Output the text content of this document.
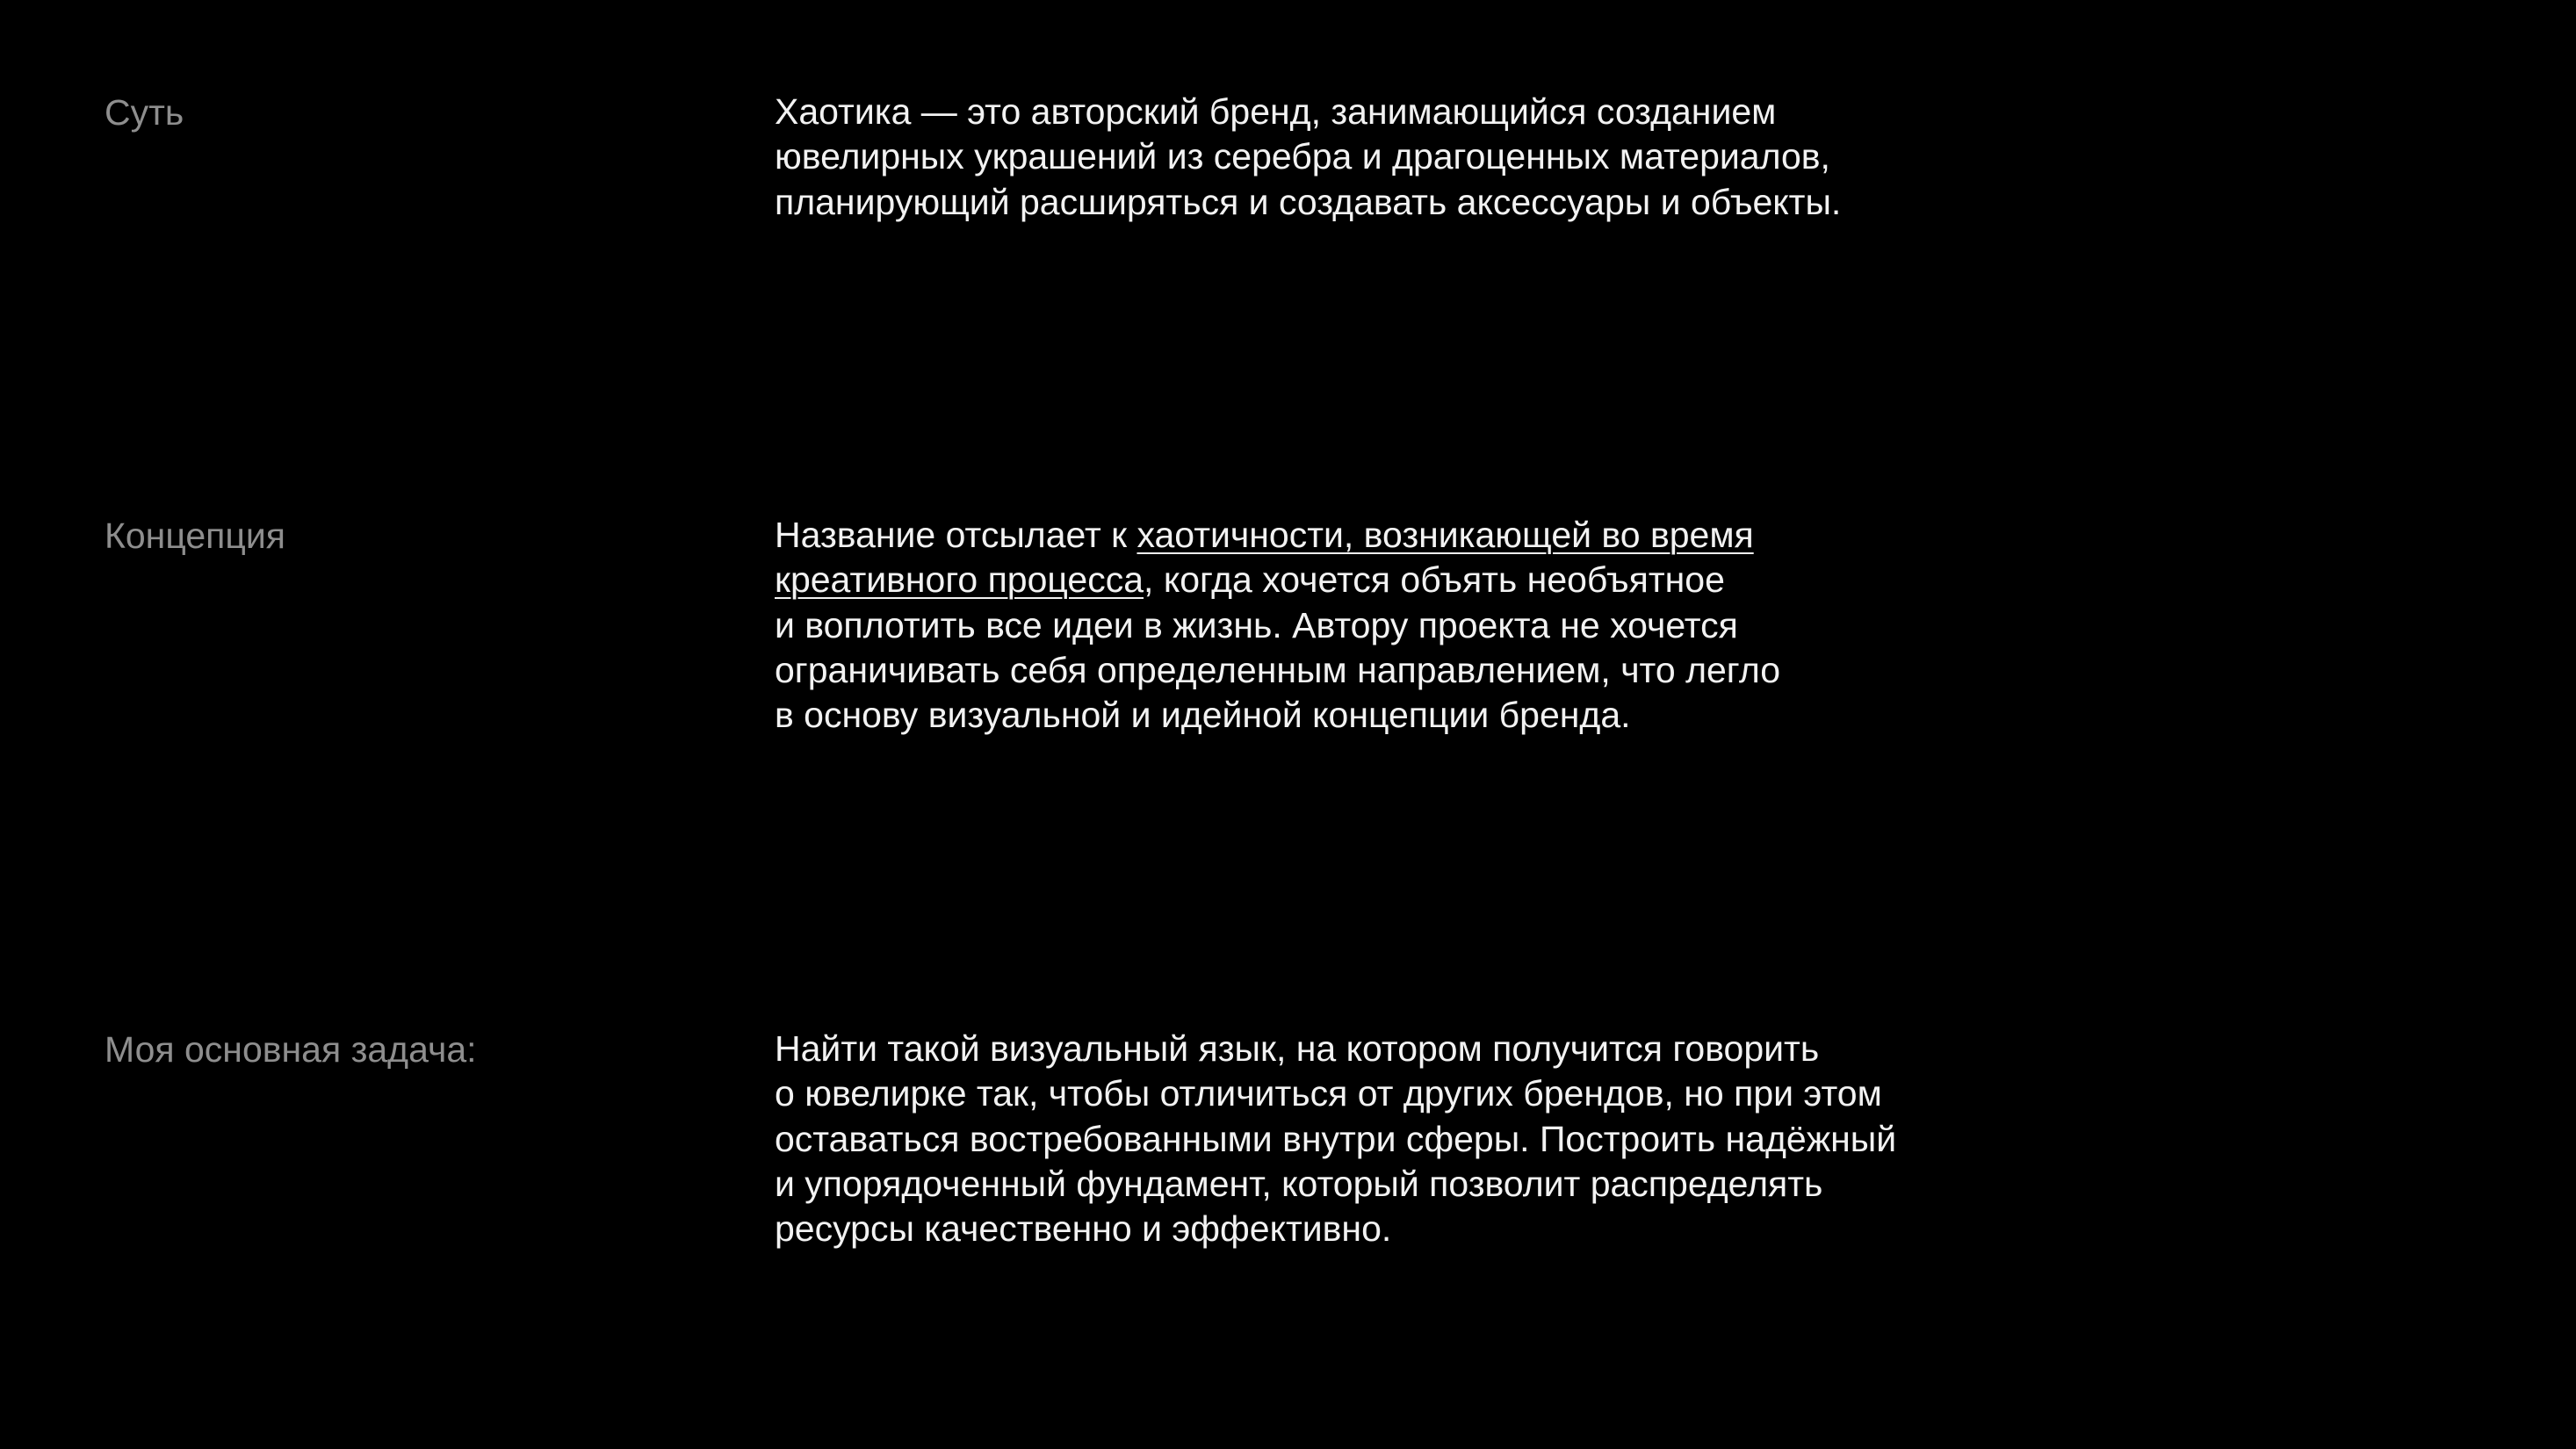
Суть	Хаотика — это авторский бренд, занимающийся созданием
ювелирных украшений из серебра и драгоценных материалов,
планирующий расширяться и создавать аксессуары и объекты.
Концепция	Название отсылает к хаотичности, возникающей во время
креативного процесса, когда хочется объять необъятное
и воплотить все идеи в жизнь. Автору проекта не хочется
ограничивать себя определенным направлением, что легло
в основу визуальной и идейной концепции бренда.
Моя основная задача:	Найти такой визуальный язык, на котором получится говорить
о ювелирке так, чтобы отличиться от других брендов, но при этом
оставаться востребованными внутри сферы. Построить надёжный
и упорядоченный фундамент, который позволит распределять
ресурсы качественно и эффективно.
